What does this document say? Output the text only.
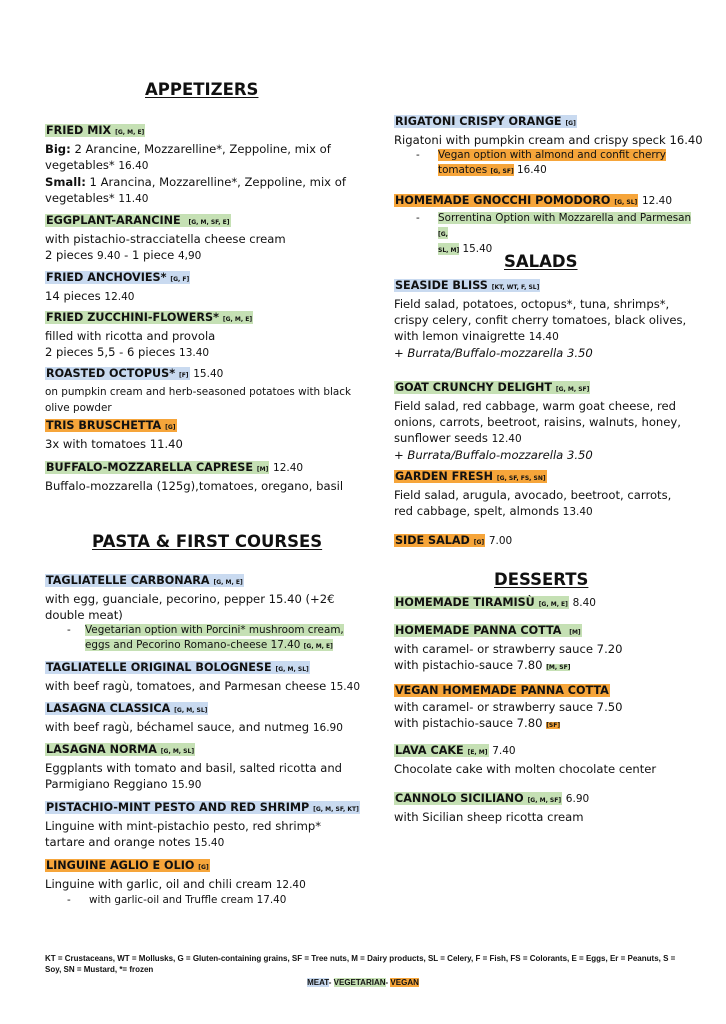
APPETIZERS
FRIED MIX [G, M, E]
Big: 2 Arancine, Mozzarelline*, Zeppoline, mix of
vegetables* 16.40
Small: 1 Arancina, Mozzarelline*, Zeppoline, mix of
vegetables* 11.40
EGGPLANT-ARANCINE [G, M, SF, E]
with pistachio-stracciatella cheese cream
2 pieces 9.40 - 1 piece 4,90
FRIED ANCHOVIES* [G, F]
14 pieces 12.40
FRIED ZUCCHINI-FLOWERS* [G, M, E]
filled with ricotta and provola
2 pieces 5,5 - 6 pieces 13.40
ROASTED OCTOPUS* [F] 15.40
on pumpkin cream and herb-seasoned potatoes with black
olive powder
TRIS BRUSCHETTA [G]
3x with tomatoes 11.40
BUFFALO-MOZZARELLA CAPRESE [M] 12.40
Buffalo-mozzarella (125g),tomatoes, oregano, basil
PASTA & FIRST COURSES
TAGLIATELLE CARBONARA [G, M, E]
with egg, guanciale, pecorino, pepper 15.40 (+2€
double meat)
- Vegetarian option with Porcini* mushroom cream,
eggs and Pecorino Romano-cheese 17.40 [G, M, E]
TAGLIATELLE ORIGINAL BOLOGNESE [G, M, SL]
with beef ragù, tomatoes, and Parmesan cheese 15.40
LASAGNA CLASSICA [G, M, SL]
with beef ragù, béchamel sauce, and nutmeg 16.90
LASAGNA NORMA [G, M, SL]
Eggplants with tomato and basil, salted ricotta and
Parmigiano Reggiano 15.90
PISTACHIO-MINT PESTO AND RED SHRIMP [G, M, SF, KT]
Linguine with mint-pistachio pesto, red shrimp*
tartare and orange notes 15.40
LINGUINE AGLIO E OLIO [G]
Linguine with garlic, oil and chili cream 12.40
- with garlic-oil and Truffle cream 17.40
RIGATONI CRISPY ORANGE [G]
Rigatoni with pumpkin cream and crispy speck 16.40
- Vegan option with almond and confit cherry
tomatoes [G, SF] 16.40
HOMEMADE GNOCCHI POMODORO [G, SL] 12.40
- Sorrentina Option with Mozzarella and Parmesan [G,
SL, M] 15.40
SALADS
SEASIDE BLISS [KT, WT, F, SL]
Field salad, potatoes, octopus*, tuna, shrimps*,
crispy celery, confit cherry tomatoes, black olives,
with lemon vinaigrette 14.40
+ Burrata/Buffalo-mozzarella 3.50
GOAT CRUNCHY DELIGHT [G, M, SF]
Field salad, red cabbage, warm goat cheese, red
onions, carrots, beetroot, raisins, walnuts, honey,
sunflower seeds 12.40
+ Burrata/Buffalo-mozzarella 3.50
GARDEN FRESH [G, SF, FS, SN]
Field salad, arugula, avocado, beetroot, carrots,
red cabbage, spelt, almonds 13.40
SIDE SALAD [G] 7.00
DESSERTS
HOMEMADE TIRAMISÙ [G, M, E] 8.40
HOMEMADE PANNA COTTA [M]
with caramel- or strawberry sauce 7.20
with pistachio-sauce 7.80 [M, SF]
VEGAN HOMEMADE PANNA COTTA
with caramel- or strawberry sauce 7.50
with pistachio-sauce 7.80 [SF]
LAVA CAKE [E, M] 7.40
Chocolate cake with molten chocolate center
CANNOLO SICILIANO [G, M, SF] 6.90
with Sicilian sheep ricotta cream
KT = Crustaceans, WT = Mollusks, G = Gluten-containing grains, SF = Tree nuts, M = Dairy products, SL = Celery, F = Fish, FS = Colorants, E = Eggs, Er = Peanuts, S = Soy, SN = Mustard, *= frozen
MEAT- VEGETARIAN- VEGAN
